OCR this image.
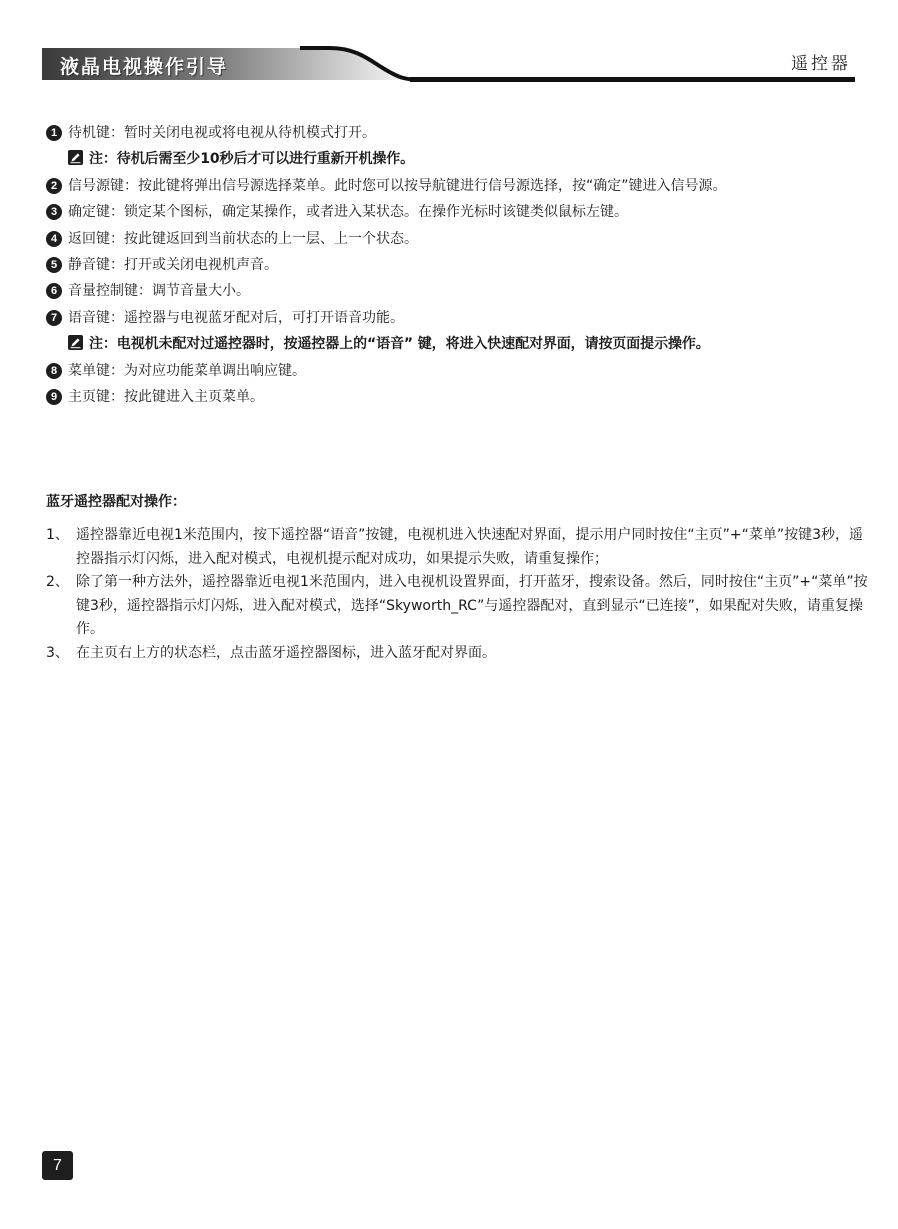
液晶电视操作引导	遥控器
1 待机键：暂时关闭电视或将电视从待机模式打开。
注：待机后需至少10秒后才可以进行重新开机操作。
2 信号源键：按此键将弹出信号源选择菜单。此时您可以按导航键进行信号源选择，按“确定”键进入信号源。
3 确定键：锁定某个图标，确定某操作，或者进入某状态。在操作光标时该键类似鼠标左键。
4 返回键：按此键返回到当前状态的上一层、上一个状态。
5 静音键：打开或关闭电视机声音。
6 音量控制键：调节音量大小。
7 语音键：遥控器与电视蓝牙配对后，可打开语音功能。
注：电视机未配对过遥控器时，按遥控器上的“语音” 键，将进入快速配对界面，请按页面提示操作。
8 菜单键：为对应功能菜单调出响应键。
9 主页键：按此键进入主页菜单。
蓝牙遥控器配对操作：
1、 遥控器靠近电视1米范围内，按下遥控器“语音”按键，电视机进入快速配对界面，提示用户同时按住“主页”+“菜单”按键3秒，遥控器指示灯闪烁，进入配对模式，电视机提示配对成功，如果提示失败，请重复操作；
2、 除了第一种方法外，遥控器靠近电视1米范围内，进入电视机设置界面，打开蓝牙，搜索设备。然后，同时按住“主页”+“菜单”按键3秒，遥控器指示灯闪烁，进入配对模式，选择“Skyworth_RC”与遥控器配对，直到显示“已连接”，如果配对失败，请重复操作。
3、 在主页右上方的状态栏，点击蓝牙遥控器图标，进入蓝牙配对界面。
7
